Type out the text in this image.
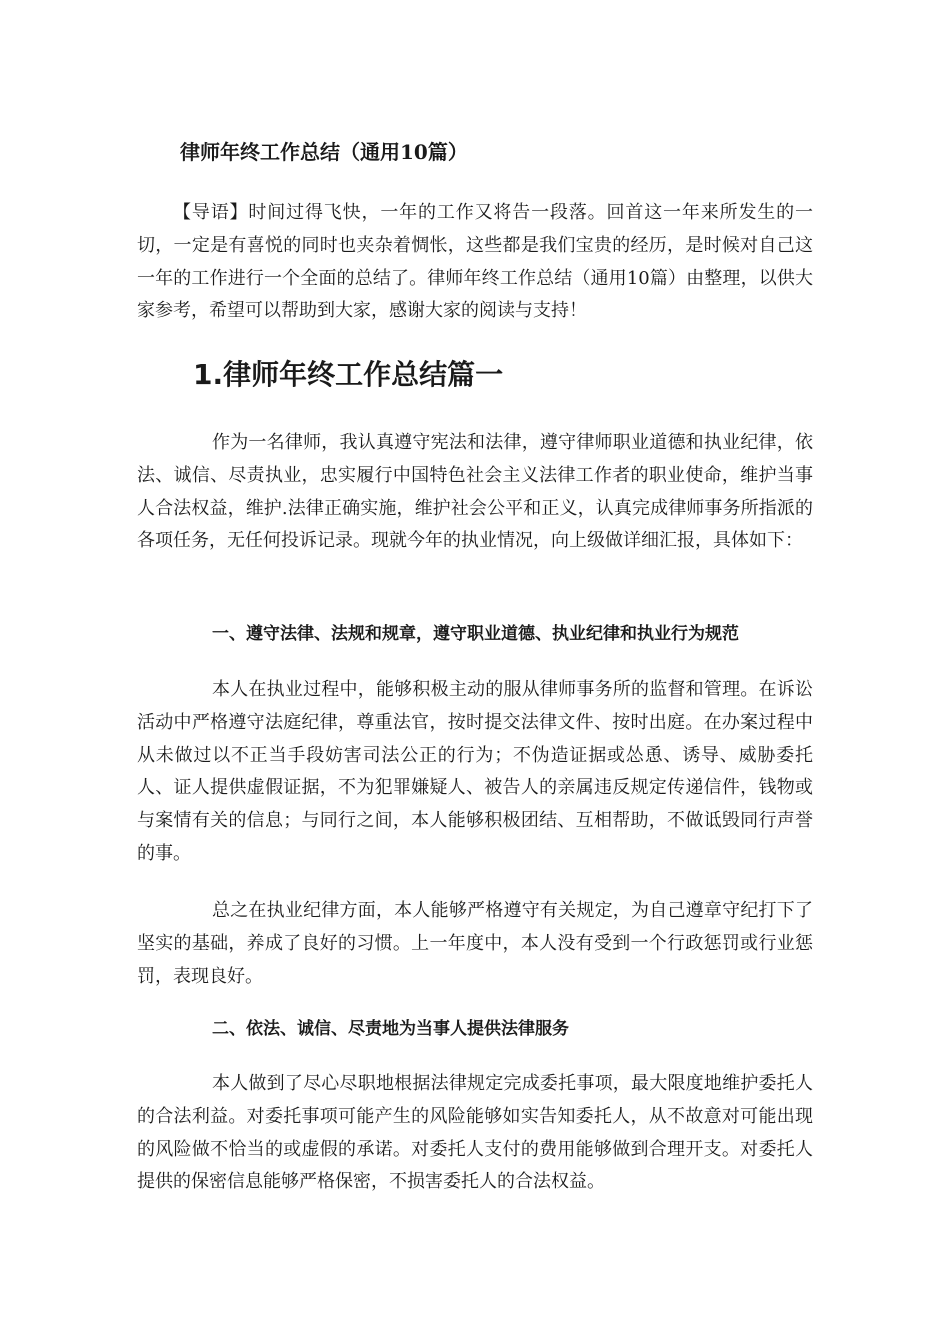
律师年终工作总结（通用10篇）

【导语】时间过得飞快，一年的工作又将告一段落。回首这一年来所发生的一切，一定是有喜悦的同时也夹杂着惆怅，这些都是我们宝贵的经历，是时候对自己这一年的工作进行一个全面的总结了。律师年终工作总结（通用10篇）由整理，以供大家参考，希望可以帮助到大家，感谢大家的阅读与支持！

1.律师年终工作总结篇一

作为一名律师，我认真遵守宪法和法律，遵守律师职业道德和执业纪律，依法、诚信、尽责执业，忠实履行中国特色社会主义法律工作者的职业使命，维护当事人合法权益，维护.法律正确实施，维护社会公平和正义，认真完成律师事务所指派的各项任务，无任何投诉记录。现就今年的执业情况，向上级做详细汇报，具体如下：

一、遵守法律、法规和规章，遵守职业道德、执业纪律和执业行为规范

本人在执业过程中，能够积极主动的服从律师事务所的监督和管理。在诉讼活动中严格遵守法庭纪律，尊重法官，按时提交法律文件、按时出庭。在办案过程中从未做过以不正当手段妨害司法公正的行为；不伪造证据或怂恿、诱导、威胁委托人、证人提供虚假证据，不为犯罪嫌疑人、被告人的亲属违反规定传递信件，钱物或与案情有关的信息；与同行之间，本人能够积极团结、互相帮助，不做诋毁同行声誉的事。

总之在执业纪律方面，本人能够严格遵守有关规定，为自己遵章守纪打下了坚实的基础，养成了良好的习惯。上一年度中，本人没有受到一个行政惩罚或行业惩罚，表现良好。

二、依法、诚信、尽责地为当事人提供法律服务

本人做到了尽心尽职地根据法律规定完成委托事项，最大限度地维护委托人的合法利益。对委托事项可能产生的风险能够如实告知委托人，从不故意对可能出现的风险做不恰当的或虚假的承诺。对委托人支付的费用能够做到合理开支。对委托人提供的保密信息能够严格保密，不损害委托人的合法权益。
